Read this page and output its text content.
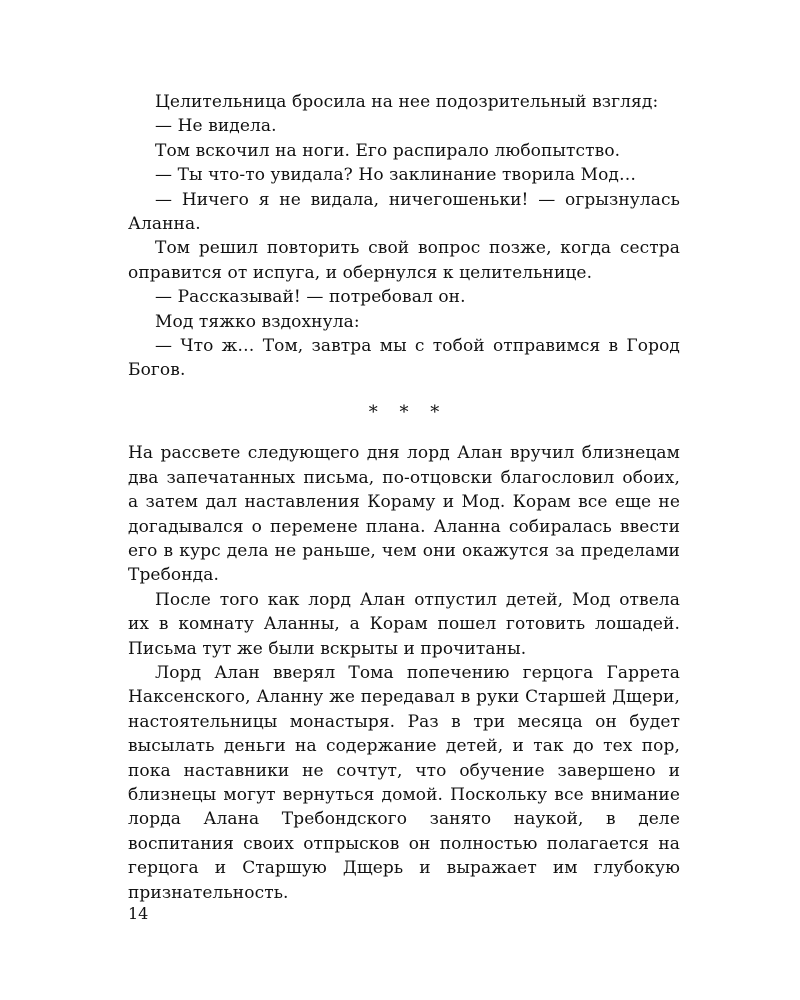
Целительница бросила на нее подозрительный взгляд:

— Не видела.

Том вскочил на ноги. Его распирало любопытство.

— Ты что-то увидала? Но заклинание творила Мод…

— Ничего я не видала, ничегошеньки! — огрызнулась Аланна.

Том решил повторить свой вопрос позже, когда сестра оправится от испуга, и обернулся к целительнице.

— Рассказывай! — потребовал он.

Мод тяжко вздохнула:

— Что ж… Том, завтра мы с тобой отправимся в Город Богов.

* * *

На рассвете следующего дня лорд Алан вручил близнецам два запечатанных письма, по-отцовски благословил обоих, а затем дал наставления Кораму и Мод. Корам все еще не догадывался о перемене плана. Аланна собиралась ввести его в курс дела не раньше, чем они окажутся за пределами Требонда.

После того как лорд Алан отпустил детей, Мод отвела их в комнату Аланны, а Корам пошел готовить лошадей. Письма тут же были вскрыты и прочитаны.

Лорд Алан вверял Тома попечению герцога Гаррета Наксенского, Аланну же передавал в руки Старшей Дщери, настоятельницы монастыря. Раз в три месяца он будет высылать деньги на содержание детей, и так до тех пор, пока наставники не сочтут, что обучение завершено и близнецы могут вернуться домой. Поскольку все внимание лорда Алана Требондского занято наукой, в деле воспитания своих отпрысков он полностью полагается на герцога и Старшую Дщерь и выражает им глубокую признательность.

14
